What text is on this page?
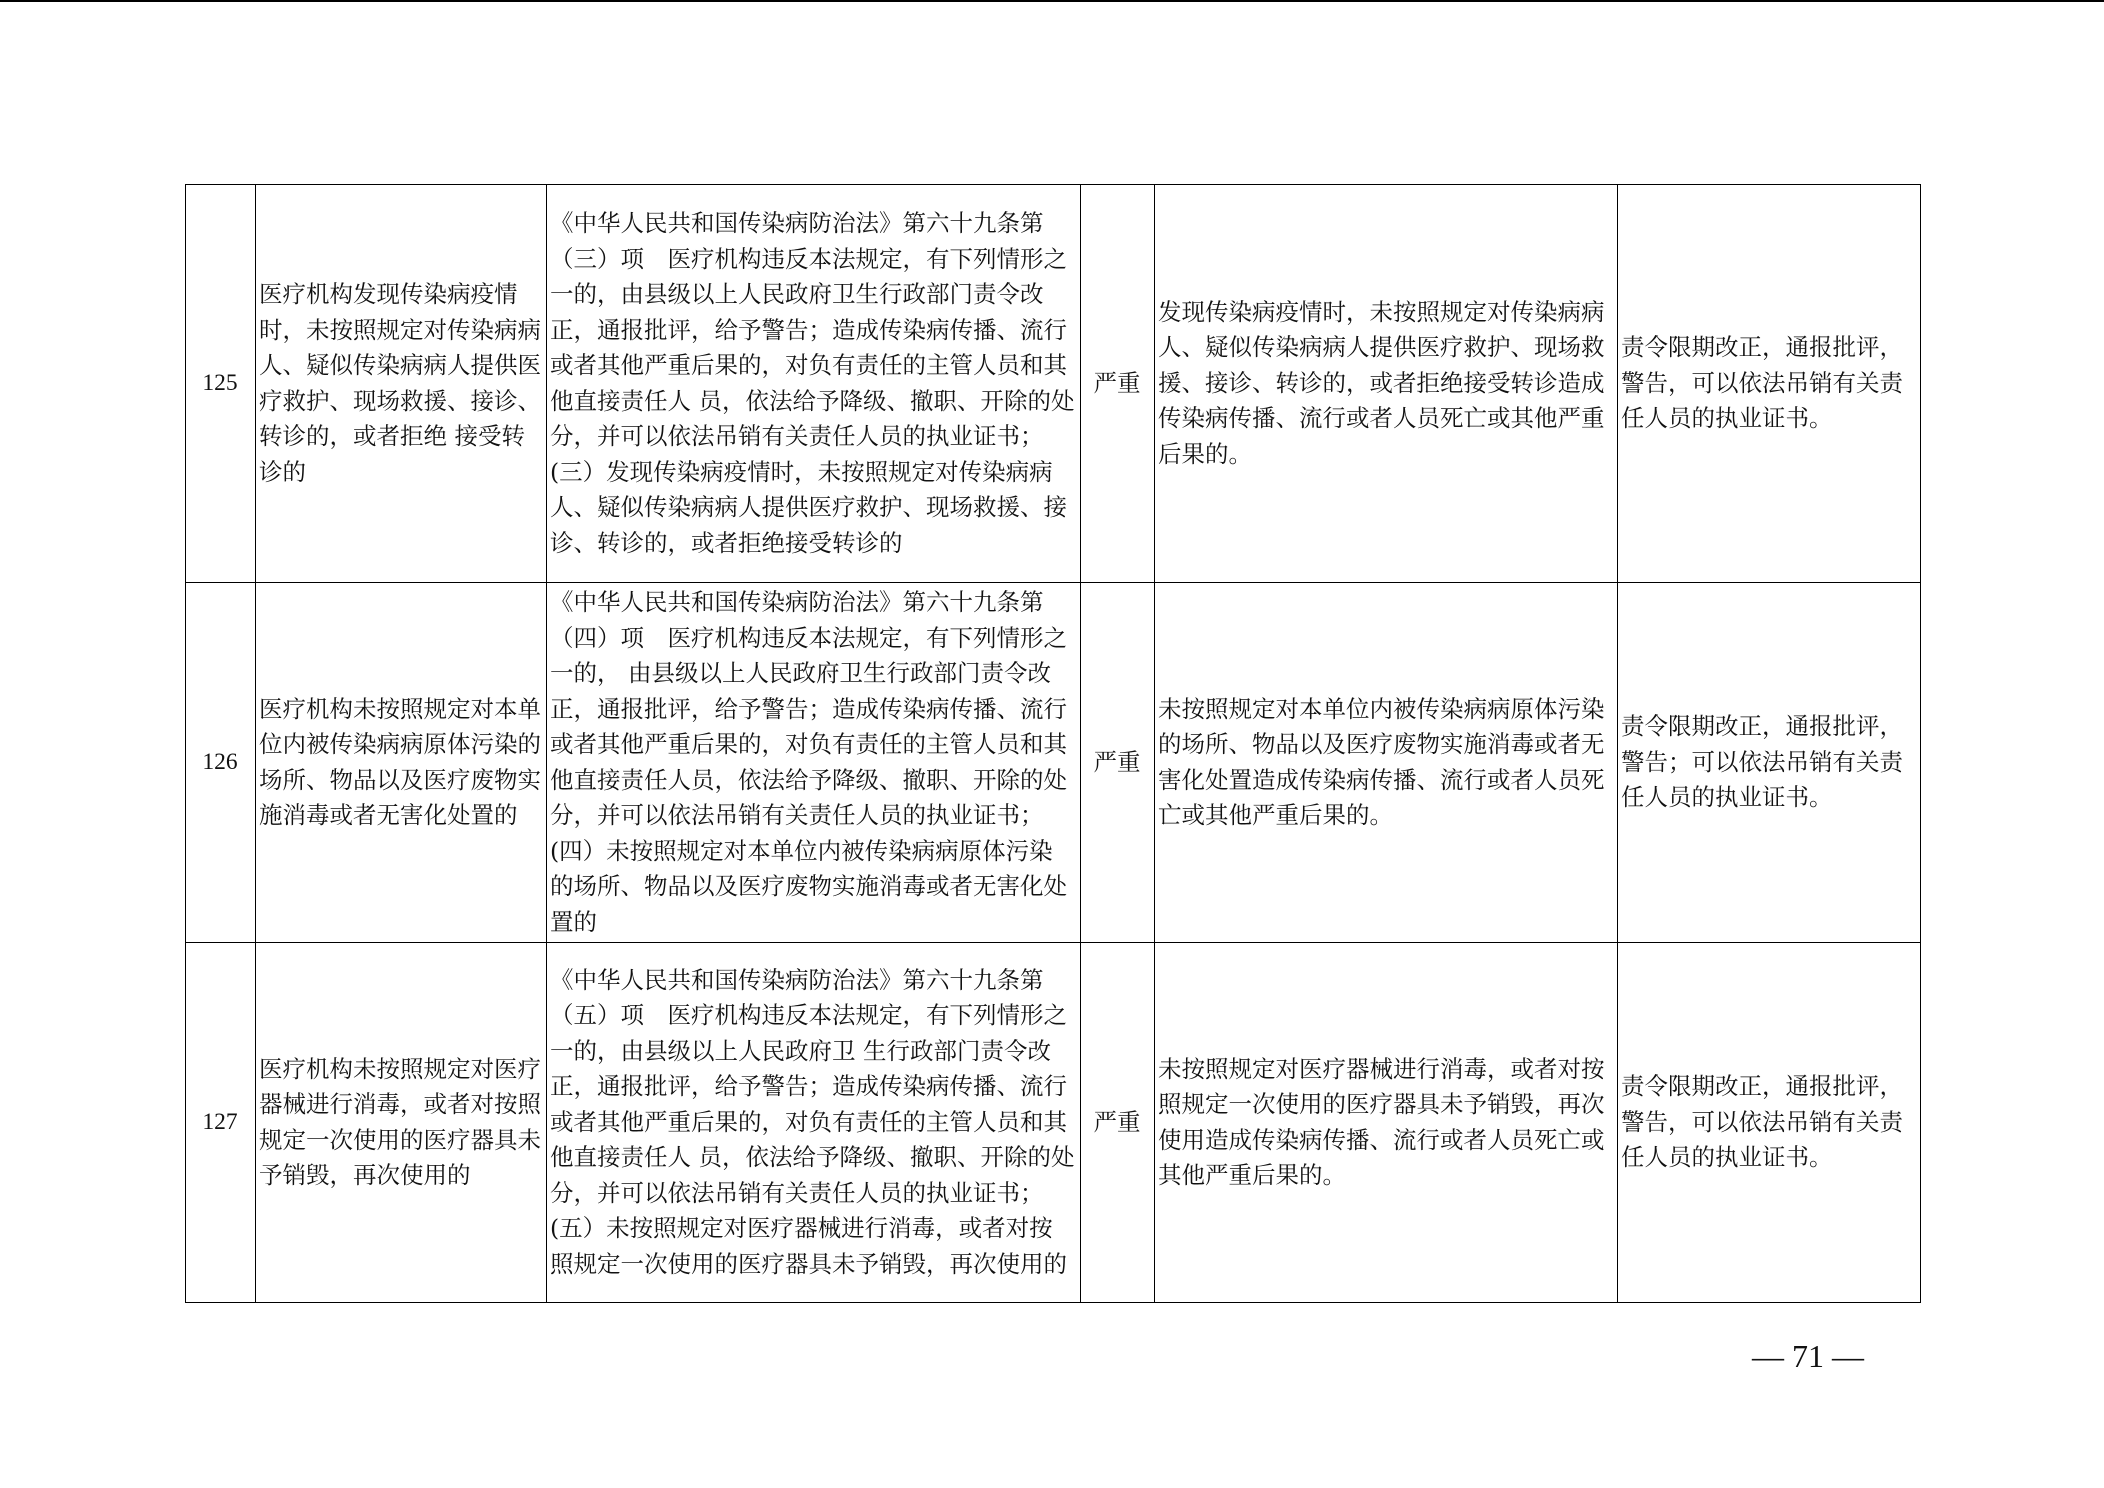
125	医疗机构发现传染病疫情时，未按照规定对传染病病人、疑似传染病病人提供医疗救护、现场救援、接诊、转诊的，或者拒绝 接受转诊的	《中华人民共和国传染病防治法》第六十九条第（三）项　医疗机构违反本法规定，有下列情形之一的，由县级以上人民政府卫生行政部门责令改正，通报批评，给予警告；造成传染病传播、流行或者其他严重后果的，对负有责任的主管人员和其他直接责任人 员，依法给予降级、撤职、开除的处分，并可以依法吊销有关责任人员的执业证书；(三）发现传染病疫情时，未按照规定对传染病病人、疑似传染病病人提供医疗救护、现场救援、接诊、转诊的，或者拒绝接受转诊的	严重	发现传染病疫情时，未按照规定对传染病病人、疑似传染病病人提供医疗救护、现场救援、接诊、转诊的，或者拒绝接受转诊造成传染病传播、流行或者人员死亡或其他严重后果的。	责令限期改正，通报批评，警告，可以依法吊销有关责任人员的执业证书。
126	医疗机构未按照规定对本单位内被传染病病原体污染的场所、物品以及医疗废物实施消毒或者无害化处置的	《中华人民共和国传染病防治法》第六十九条第（四）项　医疗机构违反本法规定，有下列情形之一的， 由县级以上人民政府卫生行政部门责令改正，通报批评，给予警告；造成传染病传播、流行或者其他严重后果的，对负有责任的主管人员和其他直接责任人员，依法给予降级、撤职、开除的处分，并可以依法吊销有关责任人员的执业证书；(四）未按照规定对本单位内被传染病病原体污染的场所、物品以及医疗废物实施消毒或者无害化处置的	严重	未按照规定对本单位内被传染病病原体污染的场所、物品以及医疗废物实施消毒或者无害化处置造成传染病传播、流行或者人员死亡或其他严重后果的。	责令限期改正，通报批评，警告；可以依法吊销有关责任人员的执业证书。
127	医疗机构未按照规定对医疗器械进行消毒，或者对按照规定一次使用的医疗器具未予销毁，再次使用的	《中华人民共和国传染病防治法》第六十九条第（五）项　医疗机构违反本法规定，有下列情形之一的，由县级以上人民政府卫 生行政部门责令改正，通报批评，给予警告；造成传染病传播、流行或者其他严重后果的，对负有责任的主管人员和其他直接责任人 员，依法给予降级、撤职、开除的处分，并可以依法吊销有关责任人员的执业证书；(五）未按照规定对医疗器械进行消毒，或者对按照规定一次使用的医疗器具未予销毁，再次使用的	严重	未按照规定对医疗器械进行消毒，或者对按照规定一次使用的医疗器具未予销毁，再次使用造成传染病传播、流行或者人员死亡或其他严重后果的。	责令限期改正，通报批评，警告，可以依法吊销有关责任人员的执业证书。
— 71 —
